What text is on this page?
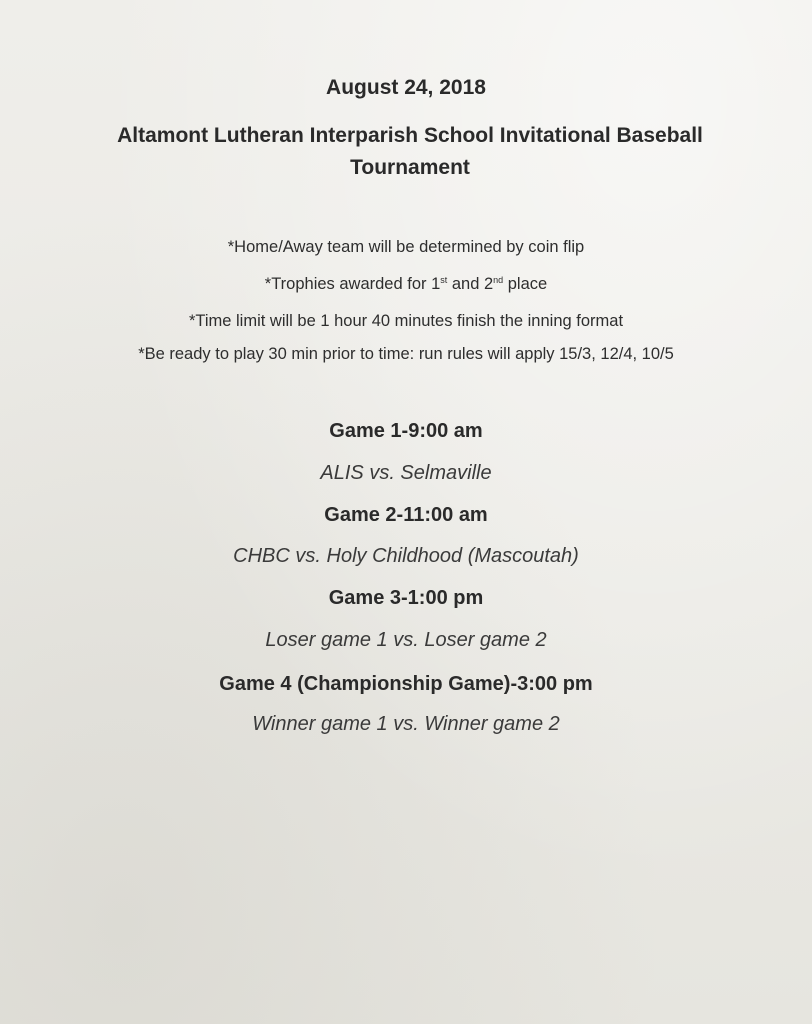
August 24, 2018
Altamont Lutheran Interparish School Invitational Baseball Tournament
*Home/Away team will be determined by coin flip
*Trophies awarded for 1st and 2nd place
*Time limit will be 1 hour 40 minutes finish the inning format
*Be ready to play 30 min prior to time: run rules will apply 15/3, 12/4, 10/5
Game 1-9:00 am
ALIS vs. Selmaville
Game 2-11:00 am
CHBC vs. Holy Childhood (Mascoutah)
Game 3-1:00 pm
Loser game 1 vs. Loser game 2
Game 4 (Championship Game)-3:00 pm
Winner game 1 vs. Winner game 2
